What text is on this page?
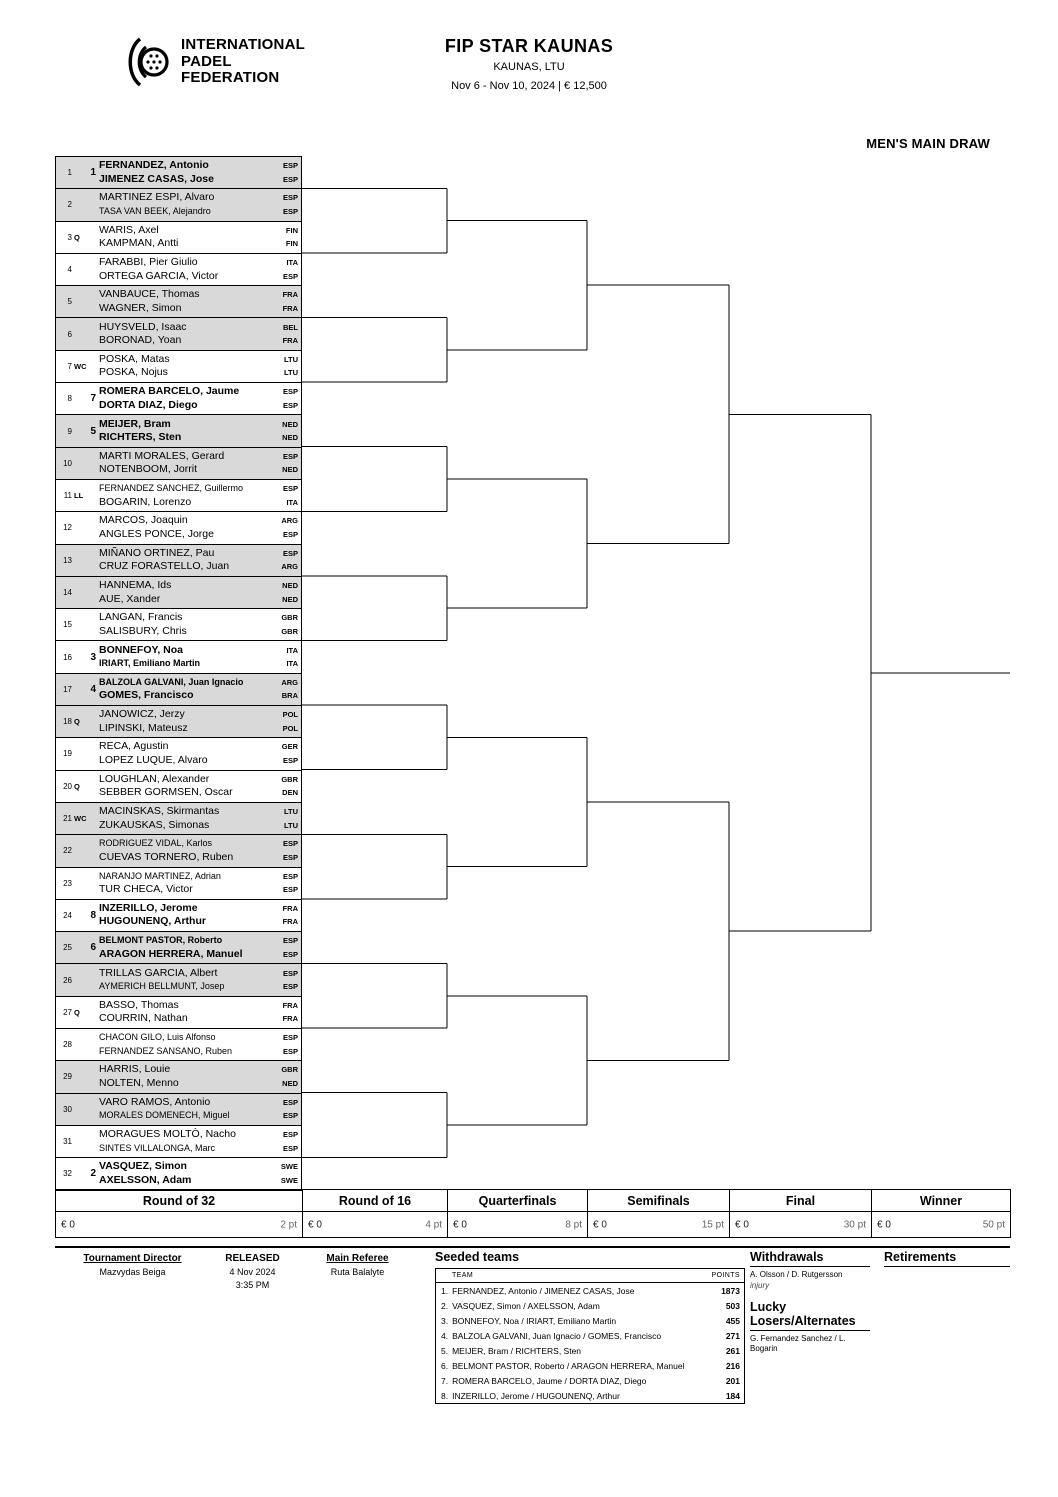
INTERNATIONAL
PADEL
FEDERATION
FIP STAR KAUNAS
KAUNAS, LTU
Nov 6 - Nov 10, 2024 | € 12,500
MEN'S MAIN DRAW
1	1
FERNANDEZ, Antonio
JIMENEZ CASAS, Jose
ESP
ESP
2
MARTINEZ ESPI, Alvaro
TASA VAN BEEK, Alejandro
ESP
ESP
3 Q
WARIS, Axel
KAMPMAN, Antti
FIN
FIN
4
FARABBI, Pier Giulio
ORTEGA GARCIA, Victor
ITA
ESP
5
VANBAUCE, Thomas
WAGNER, Simon
FRA
FRA
6
HUYSVELD, Isaac
BORONAD, Yoan
BEL
FRA
7 WC
POSKA, Matas
POSKA, Nojus
LTU
LTU
8	7
ROMERA BARCELO, Jaume
DORTA DIAZ, Diego
ESP
ESP
9	5
MEIJER, Bram
RICHTERS, Sten
NED
NED
10
MARTI MORALES, Gerard
NOTENBOOM, Jorrit
ESP
NED
11 LL
FERNANDEZ SANCHEZ, Guillermo
BOGARIN, Lorenzo
ESP
ITA
12
MARCOS, Joaquin
ANGLES PONCE, Jorge
ARG
ESP
13
MIÑANO ORTINEZ, Pau
CRUZ FORASTELLO, Juan
ESP
ARG
14
HANNEMA, Ids
AUE, Xander
NED
NED
15
LANGAN, Francis
SALISBURY, Chris
GBR
GBR
16	3
BONNEFOY, Noa
IRIART, Emiliano Martin
ITA
ITA
17	4
BALZOLA GALVANI, Juan Ignacio
GOMES, Francisco
ARG
BRA
18 Q
JANOWICZ, Jerzy
LIPINSKI, Mateusz
POL
POL
19
RECA, Agustin
LOPEZ LUQUE, Alvaro
GER
ESP
20 Q
LOUGHLAN, Alexander
SEBBER GORMSEN, Oscar
GBR
DEN
21 WC
MACINSKAS, Skirmantas
ZUKAUSKAS, Simonas
LTU
LTU
22
RODRIGUEZ VIDAL, Karlos
CUEVAS TORNERO, Ruben
ESP
ESP
23
NARANJO MARTINEZ, Adrian
TUR CHECA, Victor
ESP
ESP
24	8
INZERILLO, Jerome
HUGOUNENQ, Arthur
FRA
FRA
25	6
BELMONT PASTOR, Roberto
ARAGON HERRERA, Manuel
ESP
ESP
26
TRILLAS GARCIA, Albert
AYMERICH BELLMUNT, Josep
ESP
ESP
27 Q
BASSO, Thomas
COURRIN, Nathan
FRA
FRA
28
CHACON GILO, Luis Alfonso
FERNANDEZ SANSANO, Ruben
ESP
ESP
29
HARRIS, Louie
NOLTEN, Menno
GBR
NED
30
VARO RAMOS, Antonio
MORALES DOMENECH, Miguel
ESP
ESP
31
MORAGUES MOLTÒ, Nacho
SINTES VILLALONGA, Marc
ESP
ESP
32	2
VASQUEZ, Simon
AXELSSON, Adam
SWE
SWE
Round of 32	Round of 16	Quarterfinals	Semifinals	Final	Winner

€ 0 2 pt	€ 0 4 pt	€ 0 8 pt	€ 0 15 pt	€ 0 30 pt	€ 0 50 pt
Tournament Director
Mazvydas Beiga
RELEASED
4 Nov 2024
3:35 PM
Main Referee
Ruta Balalyte
Seeded teams
TEAM	POINTS
1. FERNANDEZ, Antonio / JIMENEZ CASAS, Jose	1873
2. VASQUEZ, Simon / AXELSSON, Adam	503
3. BONNEFOY, Noa / IRIART, Emiliano Martin	455
4. BALZOLA GALVANI, Juan Ignacio / GOMES, Francisco	271
5. MEIJER, Bram / RICHTERS, Sten	261
6. BELMONT PASTOR, Roberto / ARAGON HERRERA, Manuel	216
7. ROMERA BARCELO, Jaume / DORTA DIAZ, Diego	201
8. INZERILLO, Jerome / HUGOUNENQ, Arthur	184
Withdrawals
A. Olsson / D. Rutgersson
injury
Lucky
Losers/Alternates
G. Fernandez Sanchez / L. Bogarin
Retirements
